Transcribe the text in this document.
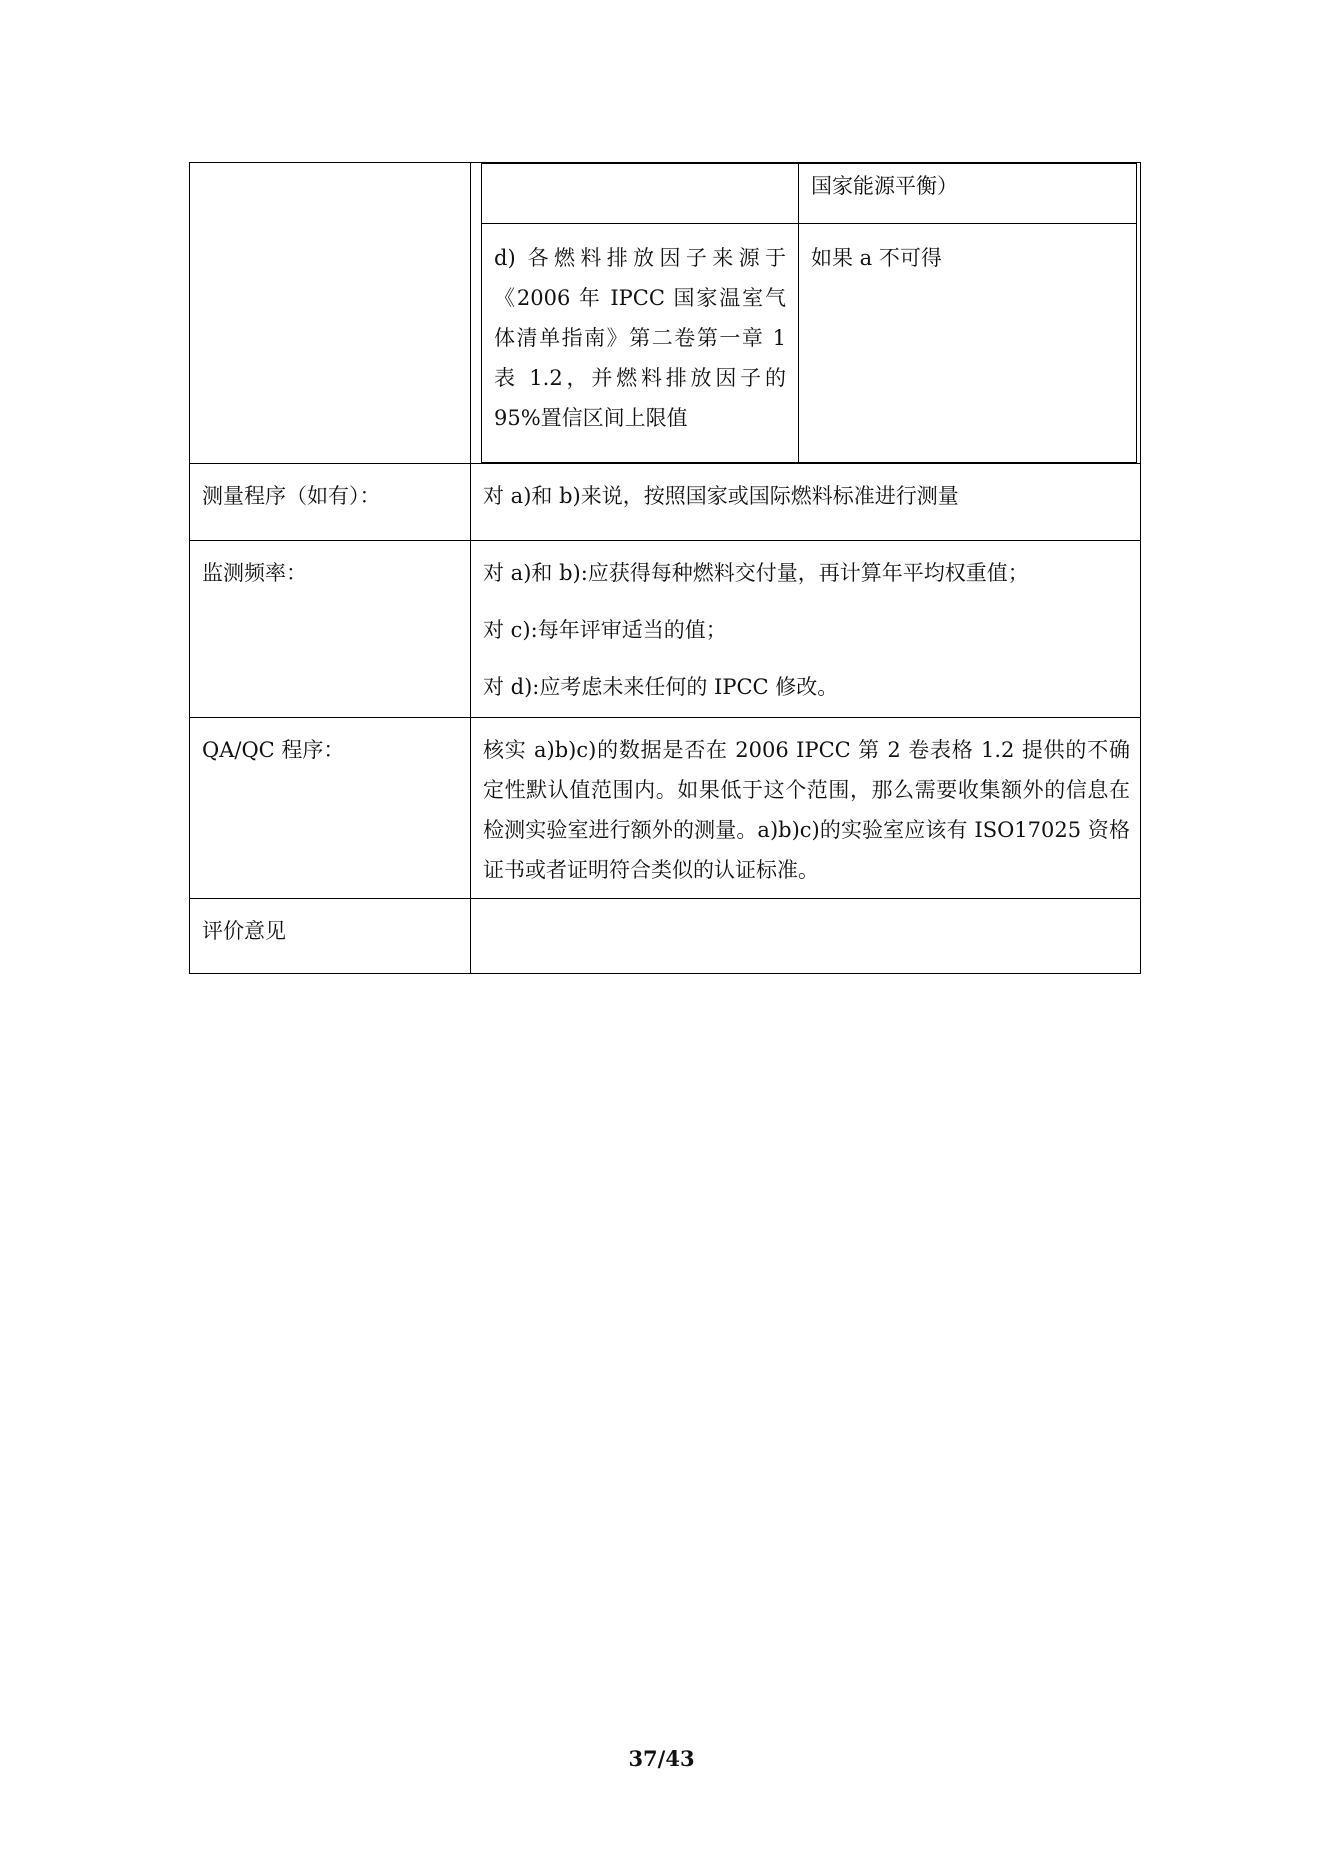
	国家能源平衡）
d) 各燃料排放因子来源于《2006 年 IPCC 国家温室气体清单指南》第二卷第一章 1 表 1.2，并燃料排放因子的 95%置信区间上限值	如果 a 不可得

测量程序（如有）：	对 a)和 b)来说，按照国家或国际燃料标准进行测量

监测频率：	对 a)和 b):应获得每种燃料交付量，再计算年平均权重值；

对 c):每年评审适当的值；

对 d):应考虑未来任何的 IPCC 修改。

QA/QC 程序：	核实 a)b)c)的数据是否在 2006 IPCC 第 2 卷表格 1.2 提供的不确定性默认值范围内。如果低于这个范围，那么需要收集额外的信息在检测实验室进行额外的测量。a)b)c)的实验室应该有 ISO17025 资格证书或者证明符合类似的认证标准。

评价意见	

37/43
